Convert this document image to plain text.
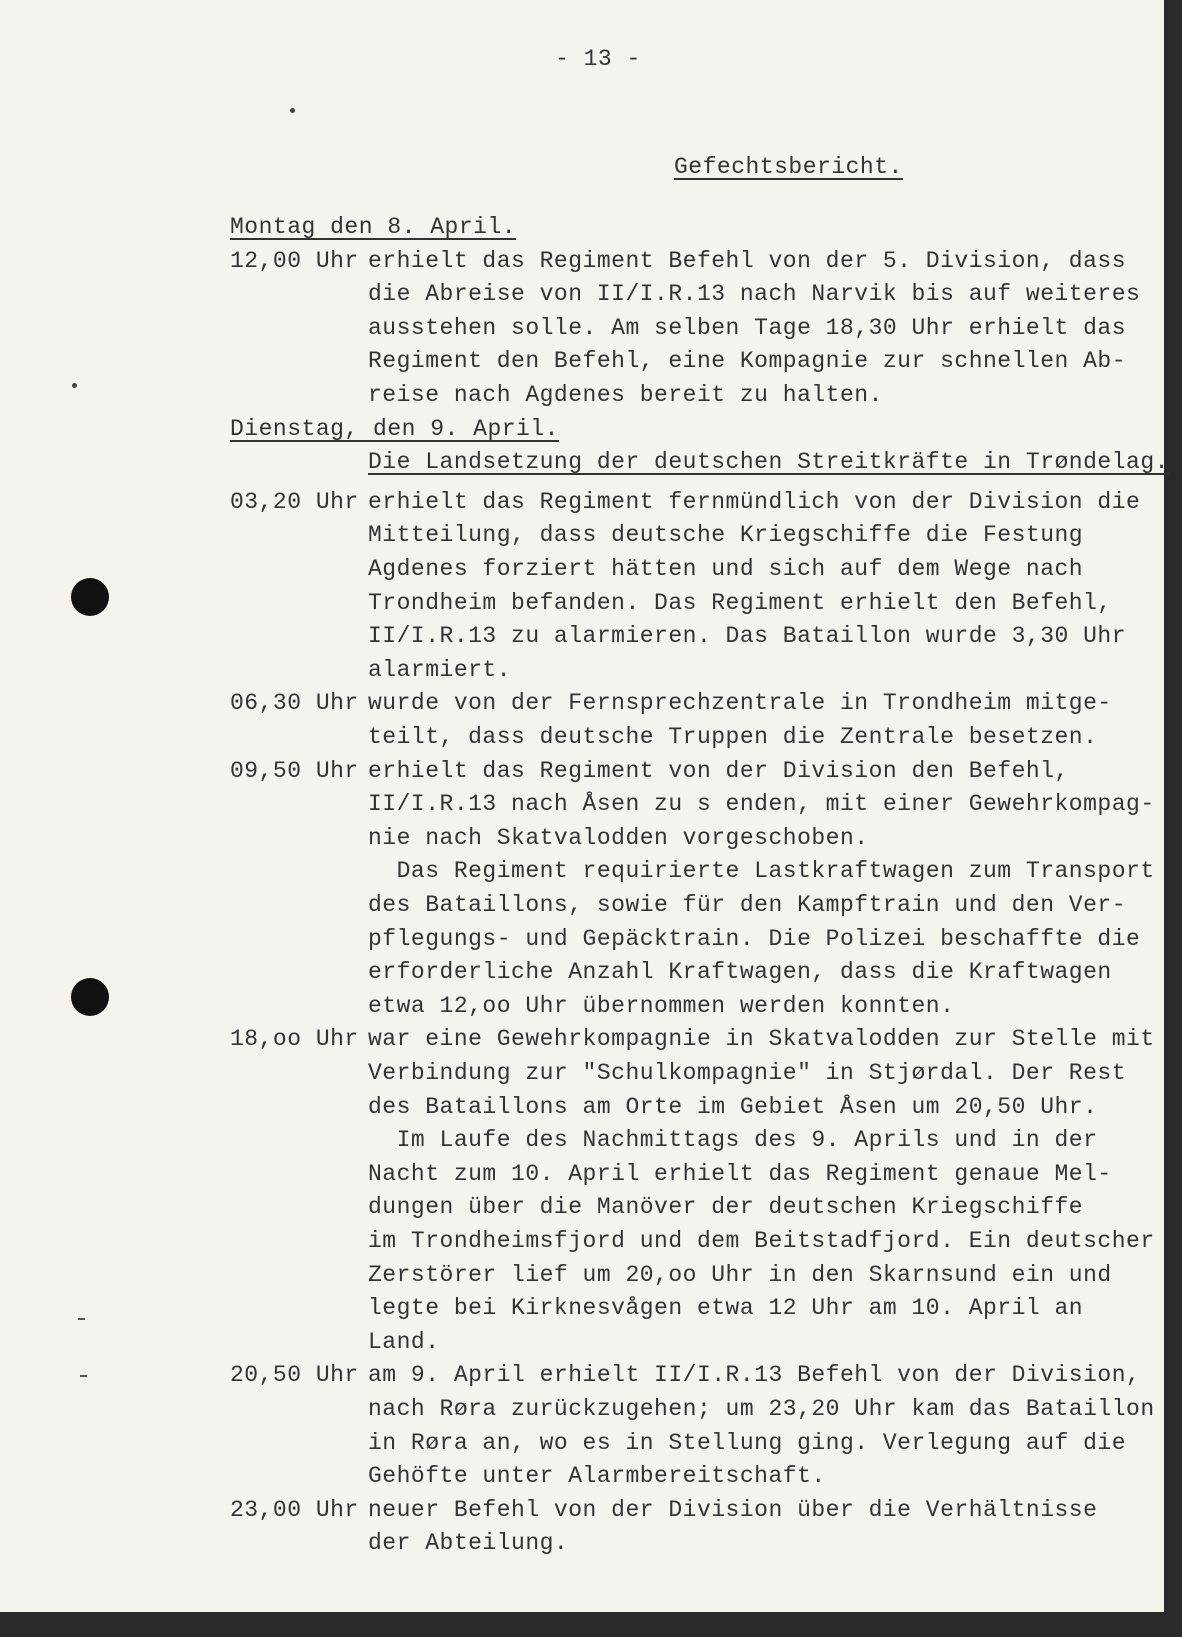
- 13 -
Gefechtsbericht.
Montag den 8. April.
12,00 Uhr erhielt das Regiment Befehl von der 5. Division, dass
die Abreise von II/I.R.13 nach Narvik bis auf weiteres
ausstehen solle. Am selben Tage 18,30 Uhr erhielt das
Regiment den Befehl, eine Kompagnie zur schnellen Ab-
reise nach Agdenes bereit zu halten.
Dienstag, den 9. April.
Die Landsetzung der deutschen Streitkräfte in Trøndelag.
03,20 Uhr erhielt das Regiment fernmündlich von der Division die
Mitteilung, dass deutsche Kriegschiffe die Festung
Agdenes forziert hätten und sich auf dem Wege nach
Trondheim befanden. Das Regiment erhielt den Befehl,
II/I.R.13 zu alarmieren. Das Bataillon wurde 3,30 Uhr
alarmiert.
06,30 Uhr wurde von der Fernsprechzentrale in Trondheim mitge-
teilt, dass deutsche Truppen die Zentrale besetzen.
09,50 Uhr erhielt das Regiment von der Division den Befehl,
II/I.R.13 nach Åsen zu s enden, mit einer Gewehrkompag-
nie nach Skatvalodden vorgeschoben.
Das Regiment requirierte Lastkraftwagen zum Transport
des Bataillons, sowie für den Kampftrain und den Ver-
pflegungs- und Gepäcktrain. Die Polizei beschaffte die
erforderliche Anzahl Kraftwagen, dass die Kraftwagen
etwa 12,oo Uhr übernommen werden konnten.
18,oo Uhr war eine Gewehrkompagnie in Skatvalodden zur Stelle mit
Verbindung zur "Schulkompagnie" in Stjørdal. Der Rest
des Bataillons am Orte im Gebiet Åsen um 20,50 Uhr.
Im Laufe des Nachmittags des 9. Aprils und in der
Nacht zum 10. April erhielt das Regiment genaue Mel-
dungen über die Manöver der deutschen Kriegschiffe
im Trondheimsfjord und dem Beitstadfjord. Ein deutscher
Zerstörer lief um 20,oo Uhr in den Skarnsund ein und
legte bei Kirknesvågen etwa 12 Uhr am 10. April an
Land.
20,50 Uhr am 9. April erhielt II/I.R.13 Befehl von der Division,
nach Røra zurückzugehen; um 23,20 Uhr kam das Bataillon
in Røra an, wo es in Stellung ging. Verlegung auf die
Gehöfte unter Alarmbereitschaft.
23,00 Uhr neuer Befehl von der Division über die Verhältnisse
der Abteilung.
